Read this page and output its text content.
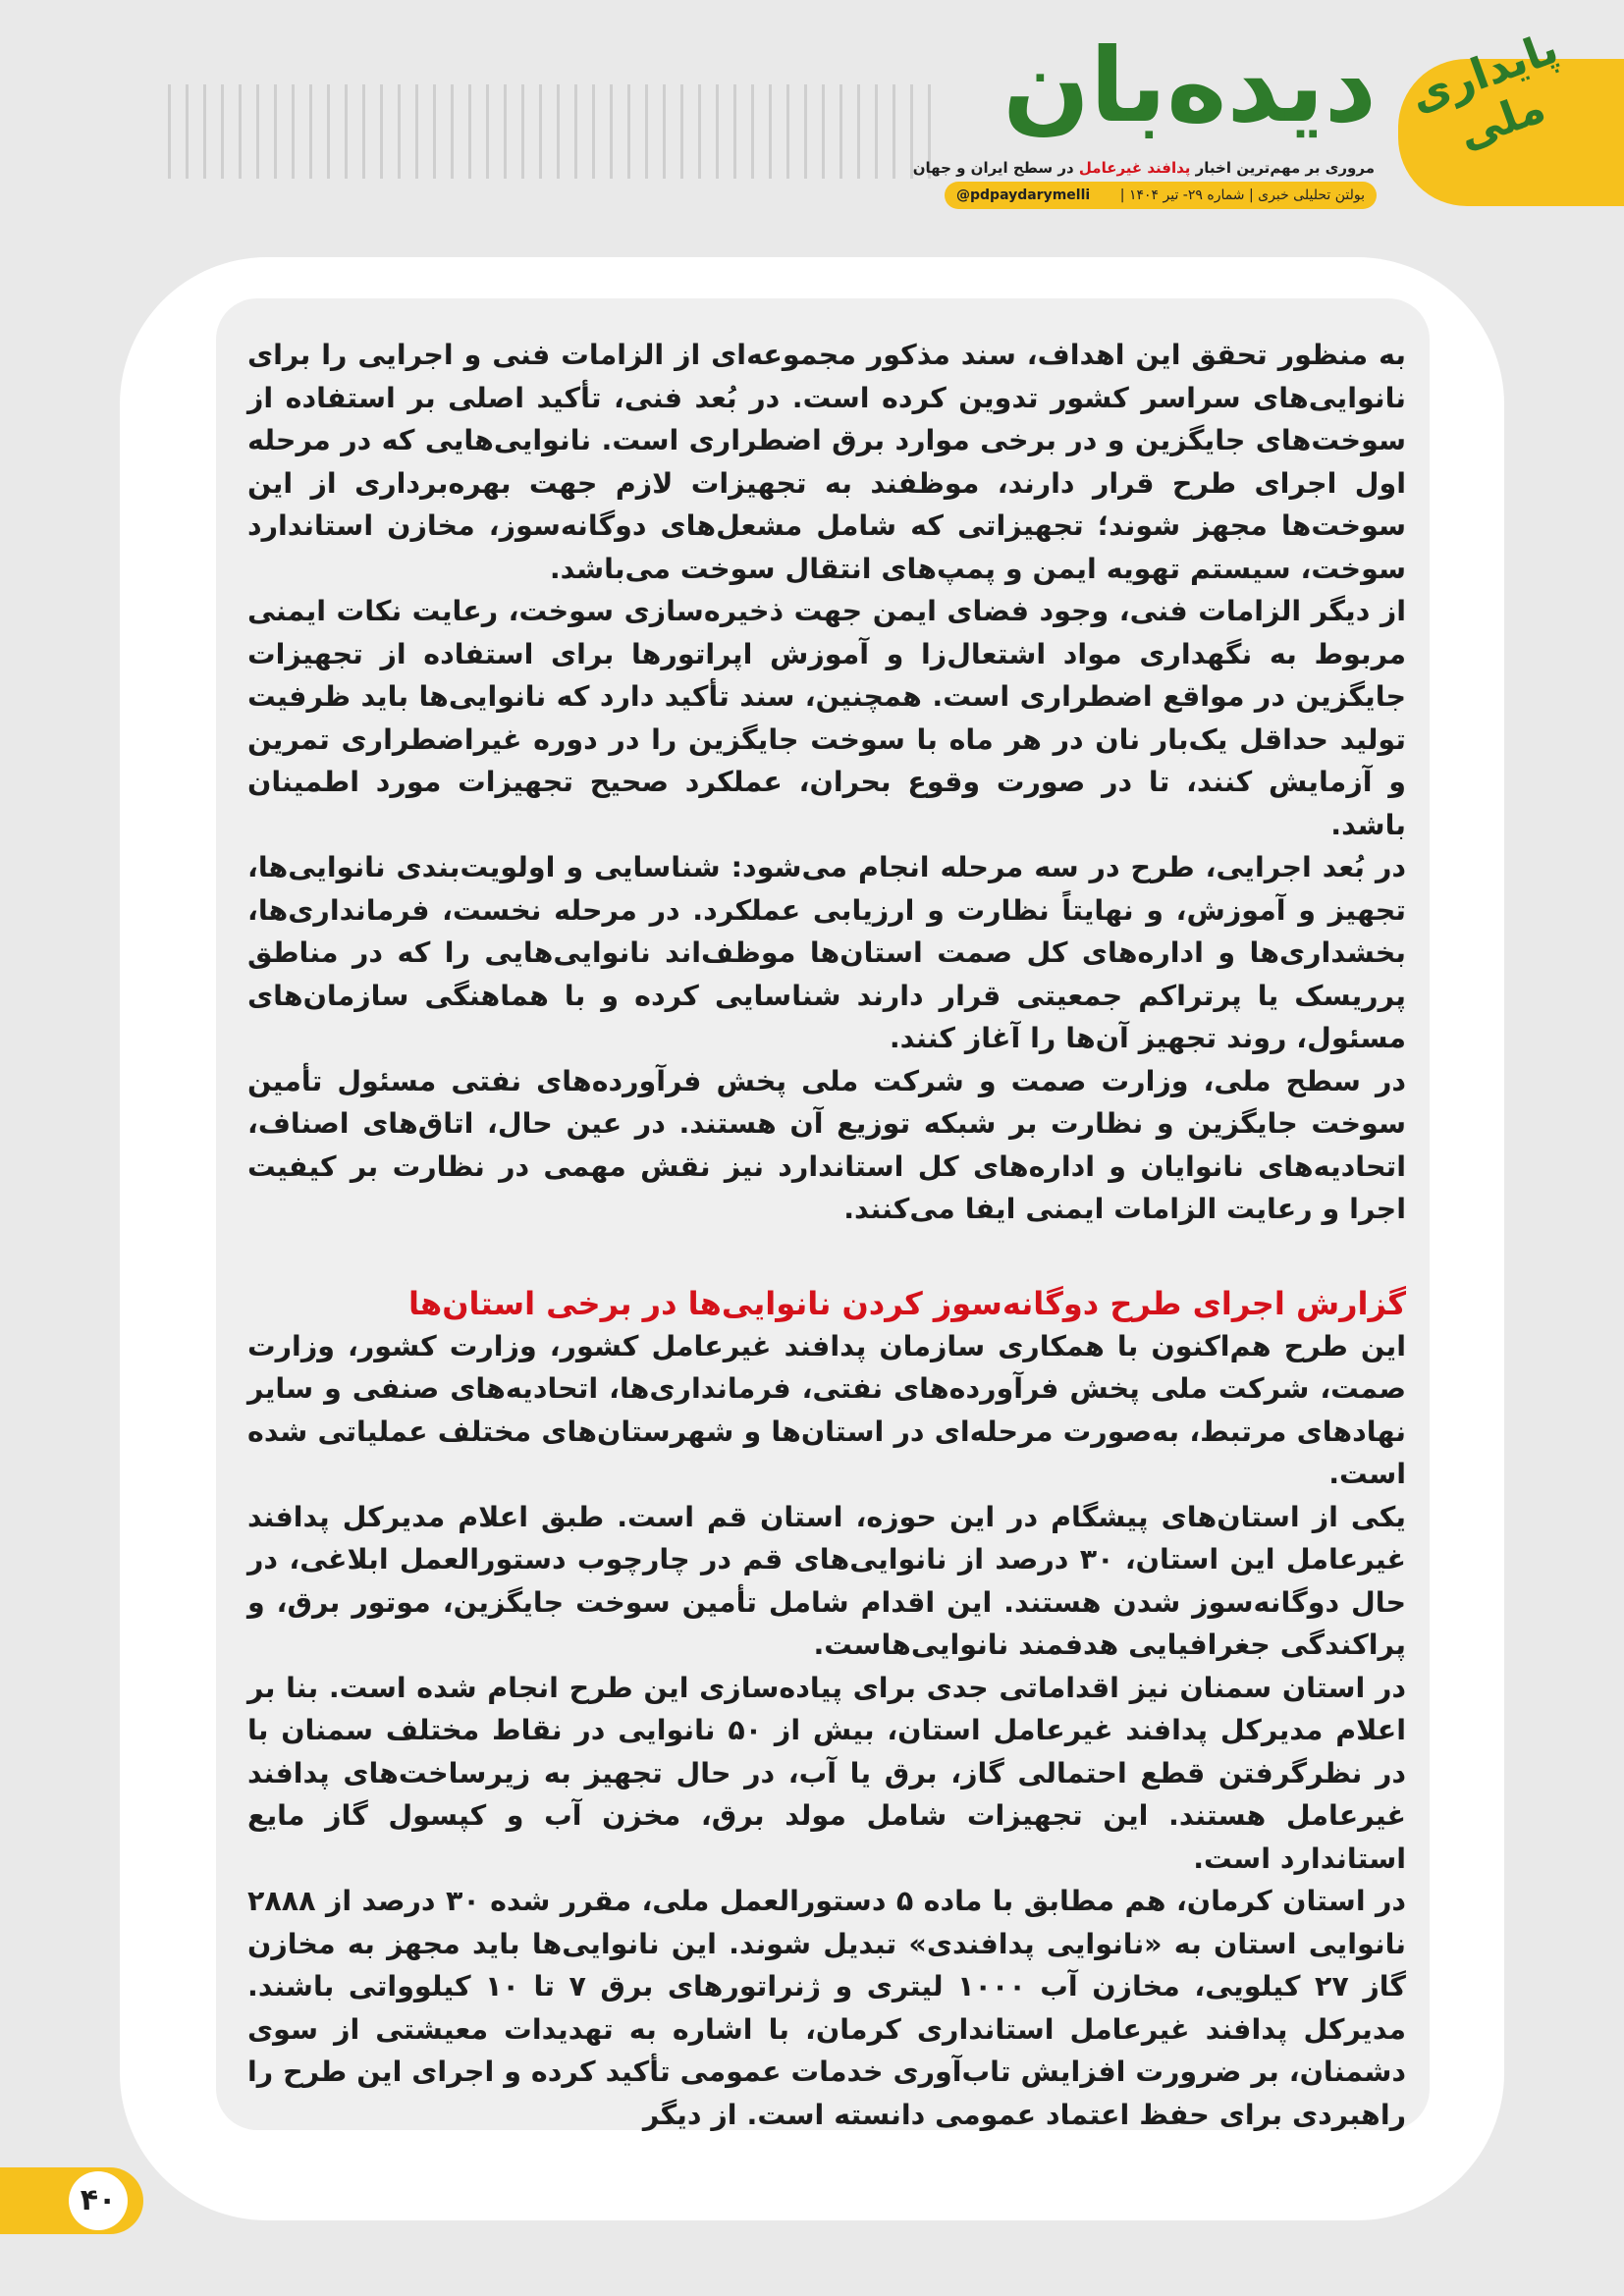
پایداری ملی
دیده‌بان
مروری بر مهم‌ترین اخبار پدافند غیرعامل در سطح ایران و جهان
بولتن تحلیلی خبری | شماره ۲۹- تیر ۱۴۰۴ |
@pdpaydarymelli

به منظور تحقق این اهداف، سند مذکور مجموعه‌ای از الزامات فنی و اجرایی را برای نانوایی‌های سراسر کشور تدوین کرده است. در بُعد فنی، تأکید اصلی بر استفاده از سوخت‌های جایگزین و در برخی موارد برق اضطراری است. نانوایی‌هایی که در مرحله اول اجرای طرح قرار دارند، موظفند به تجهیزات لازم جهت بهره‌برداری از این سوخت‌ها مجهز شوند؛ تجهیزاتی که شامل مشعل‌های دوگانه‌سوز، مخازن استاندارد سوخت، سیستم تهویه ایمن و پمپ‌های انتقال سوخت می‌باشد.

از دیگر الزامات فنی، وجود فضای ایمن جهت ذخیره‌سازی سوخت، رعایت نکات ایمنی مربوط به نگهداری مواد اشتعال‌زا و آموزش اپراتورها برای استفاده از تجهیزات جایگزین در مواقع اضطراری است. همچنین، سند تأکید دارد که نانوایی‌ها باید ظرفیت تولید حداقل یک‌بار نان در هر ماه با سوخت جایگزین را در دوره غیراضطراری تمرین و آزمایش کنند، تا در صورت وقوع بحران، عملکرد صحیح تجهیزات مورد اطمینان باشد.

در بُعد اجرایی، طرح در سه مرحله انجام می‌شود: شناسایی و اولویت‌بندی نانوایی‌ها، تجهیز و آموزش، و نهایتاً نظارت و ارزیابی عملکرد. در مرحله نخست، فرمانداری‌ها، بخشداری‌ها و اداره‌های کل صمت استان‌ها موظف‌اند نانوایی‌هایی را که در مناطق پرریسک یا پرتراکم جمعیتی قرار دارند شناسایی کرده و با هماهنگی سازمان‌های مسئول، روند تجهیز آن‌ها را آغاز کنند.

در سطح ملی، وزارت صمت و شرکت ملی پخش فرآورده‌های نفتی مسئول تأمین سوخت جایگزین و نظارت بر شبکه توزیع آن هستند. در عین حال، اتاق‌های اصناف، اتحادیه‌های نانوایان و اداره‌های کل استاندارد نیز نقش مهمی در نظارت بر کیفیت اجرا و رعایت الزامات ایمنی ایفا می‌کنند.

گزارش اجرای طرح دوگانه‌سوز کردن نانوایی‌ها در برخی استان‌ها

این طرح هم‌اکنون با همکاری سازمان پدافند غیرعامل کشور، وزارت کشور، وزارت صمت، شرکت ملی پخش فرآورده‌های نفتی، فرمانداری‌ها، اتحادیه‌های صنفی و سایر نهادهای مرتبط، به‌صورت مرحله‌ای در استان‌ها و شهرستان‌های مختلف عملیاتی شده است.

یکی از استان‌های پیشگام در این حوزه، استان قم است. طبق اعلام مدیرکل پدافند غیرعامل این استان، ۳۰ درصد از نانوایی‌های قم در چارچوب دستورالعمل ابلاغی، در حال دوگانه‌سوز شدن هستند. این اقدام شامل تأمین سوخت جایگزین، موتور برق، و پراکندگی جغرافیایی هدفمند نانوایی‌هاست.

در استان سمنان نیز اقداماتی جدی برای پیاده‌سازی این طرح انجام شده است. بنا بر اعلام مدیرکل پدافند غیرعامل استان، بیش از ۵۰ نانوایی در نقاط مختلف سمنان با در نظرگرفتن قطع احتمالی گاز، برق یا آب، در حال تجهیز به زیرساخت‌های پدافند غیرعامل هستند. این تجهیزات شامل مولد برق، مخزن آب و کپسول گاز مایع استاندارد است.

در استان کرمان، هم مطابق با ماده ۵ دستورالعمل ملی، مقرر شده ۳۰ درصد از ۲۸۸۸ نانوایی استان به «نانوایی پدافندی» تبدیل شوند. این نانوایی‌ها باید مجهز به مخازن گاز ۲۷ کیلویی، مخازن آب ۱۰۰۰ لیتری و ژنراتورهای برق ۷ تا ۱۰ کیلوواتی باشند. مدیرکل پدافند غیرعامل استانداری کرمان، با اشاره به تهدیدات معیشتی از سوی دشمنان، بر ضرورت افزایش تاب‌آوری خدمات عمومی تأکید کرده و اجرای این طرح را راهبردی برای حفظ اعتماد عمومی دانسته است. از دیگر

۴۰
